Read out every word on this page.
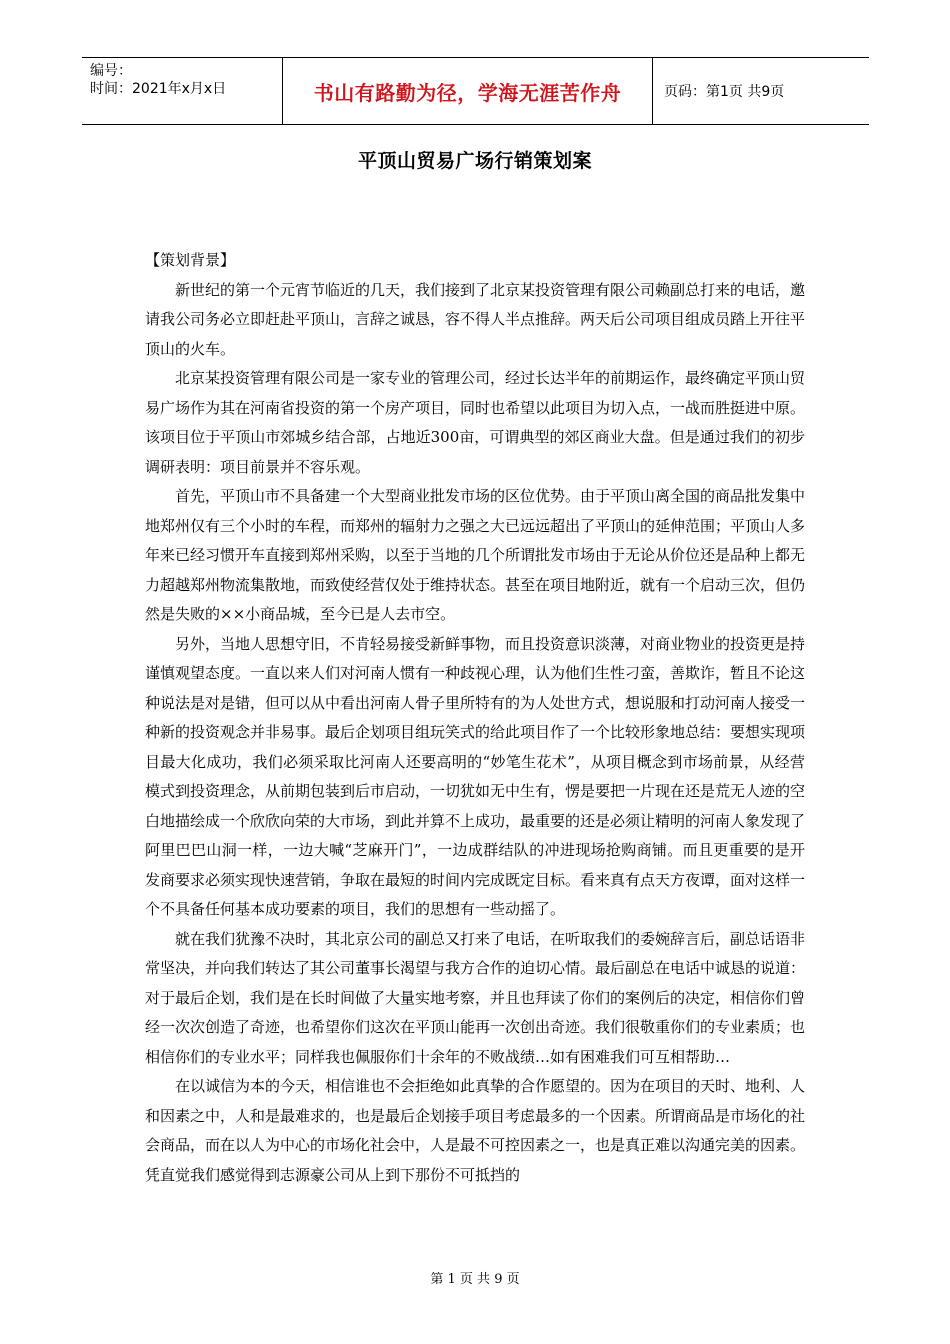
编号：
时间：2021年x月x日	书山有路勤为径，学海无涯苦作舟	页码：第1页 共9页
平顶山贸易广场行销策划案
【策划背景】

新世纪的第一个元宵节临近的几天，我们接到了北京某投资管理有限公司赖副总打来的电话，邀请我公司务必立即赶赴平顶山，言辞之诚恳，容不得人半点推辞。两天后公司项目组成员踏上开往平顶山的火车。

北京某投资管理有限公司是一家专业的管理公司，经过长达半年的前期运作，最终确定平顶山贸易广场作为其在河南省投资的第一个房产项目，同时也希望以此项目为切入点，一战而胜挺进中原。该项目位于平顶山市郊城乡结合部，占地近300亩，可谓典型的郊区商业大盘。但是通过我们的初步调研表明：项目前景并不容乐观。

首先，平顶山市不具备建一个大型商业批发市场的区位优势。由于平顶山离全国的商品批发集中地郑州仅有三个小时的车程，而郑州的辐射力之强之大已远远超出了平顶山的延伸范围；平顶山人多年来已经习惯开车直接到郑州采购，以至于当地的几个所谓批发市场由于无论从价位还是品种上都无力超越郑州物流集散地，而致使经营仅处于维持状态。甚至在项目地附近，就有一个启动三次，但仍然是失败的××小商品城，至今已是人去市空。

另外，当地人思想守旧，不肯轻易接受新鲜事物，而且投资意识淡薄，对商业物业的投资更是持谨慎观望态度。一直以来人们对河南人惯有一种歧视心理，认为他们生性刁蛮，善欺诈，暂且不论这种说法是对是错，但可以从中看出河南人骨子里所特有的为人处世方式，想说服和打动河南人接受一种新的投资观念并非易事。最后企划项目组玩笑式的给此项目作了一个比较形象地总结：要想实现项目最大化成功，我们必须采取比河南人还要高明的“妙笔生花术”，从项目概念到市场前景，从经营模式到投资理念，从前期包装到后市启动，一切犹如无中生有，愣是要把一片现在还是荒无人迹的空白地描绘成一个欣欣向荣的大市场，到此并算不上成功，最重要的还是必须让精明的河南人象发现了阿里巴巴山洞一样，一边大喊“芝麻开门”，一边成群结队的冲进现场抢购商铺。而且更重要的是开发商要求必须实现快速营销，争取在最短的时间内完成既定目标。看来真有点天方夜谭，面对这样一个不具备任何基本成功要素的项目，我们的思想有一些动摇了。

就在我们犹豫不决时，其北京公司的副总又打来了电话，在听取我们的委婉辞言后，副总话语非常坚决，并向我们转达了其公司董事长渴望与我方合作的迫切心情。最后副总在电话中诚恳的说道：对于最后企划，我们是在长时间做了大量实地考察，并且也拜读了你们的案例后的决定，相信你们曾经一次次创造了奇迹，也希望你们这次在平顶山能再一次创出奇迹。我们很敬重你们的专业素质；也相信你们的专业水平；同样我也佩服你们十余年的不败战绩…如有困难我们可互相帮助…

在以诚信为本的今天，相信谁也不会拒绝如此真挚的合作愿望的。因为在项目的天时、地利、人和因素之中，人和是最难求的，也是最后企划接手项目考虑最多的一个因素。所谓商品是市场化的社会商品，而在以人为中心的市场化社会中，人是最不可控因素之一，也是真正难以沟通完美的因素。凭直觉我们感觉得到志源豪公司从上到下那份不可抵挡的

第 1 页 共 9 页
